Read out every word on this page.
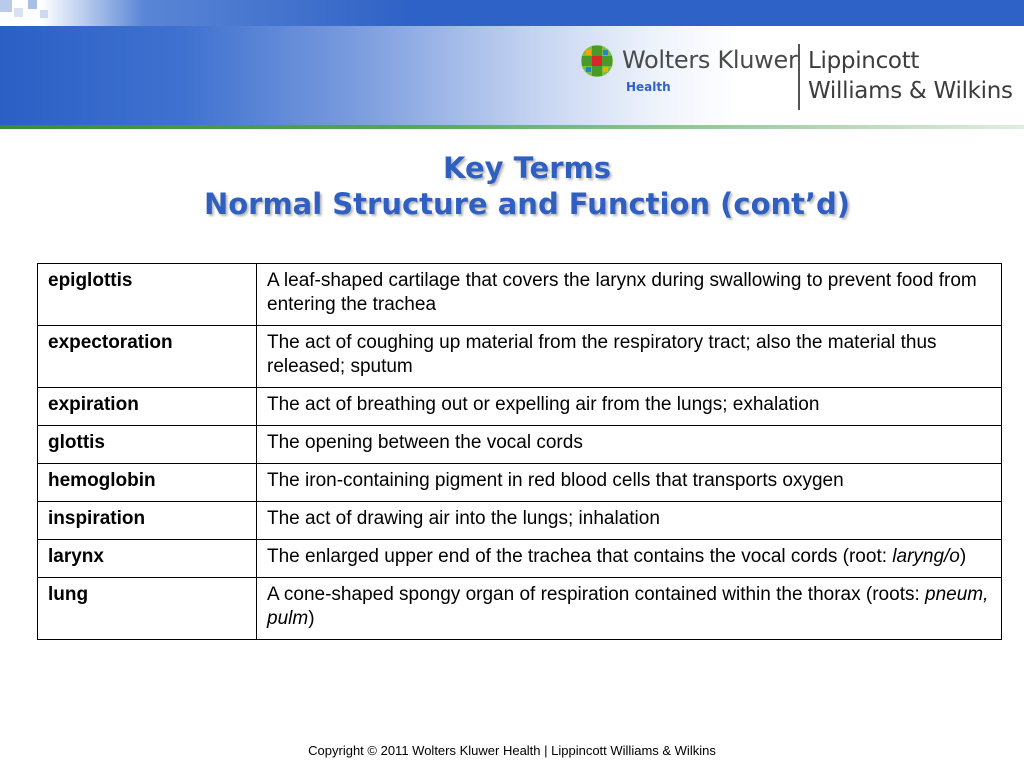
Wolters Kluwer
Health
Lippincott
Williams & Wilkins
Key Terms
Normal Structure and Function (cont’d)
epiglottis	A leaf-shaped cartilage that covers the larynx during swallowing to prevent food from entering the trachea
expectoration	The act of coughing up material from the respiratory tract; also the material thus released; sputum
expiration	The act of breathing out or expelling air from the lungs; exhalation
glottis	The opening between the vocal cords
hemoglobin	The iron-containing pigment in red blood cells that transports oxygen
inspiration	The act of drawing air into the lungs; inhalation
larynx	The enlarged upper end of the trachea that contains the vocal cords (root: laryng/o)
lung	A cone-shaped spongy organ of respiration contained within the thorax (roots: pneum, pulm)
Copyright © 2011 Wolters Kluwer Health | Lippincott Williams & Wilkins
